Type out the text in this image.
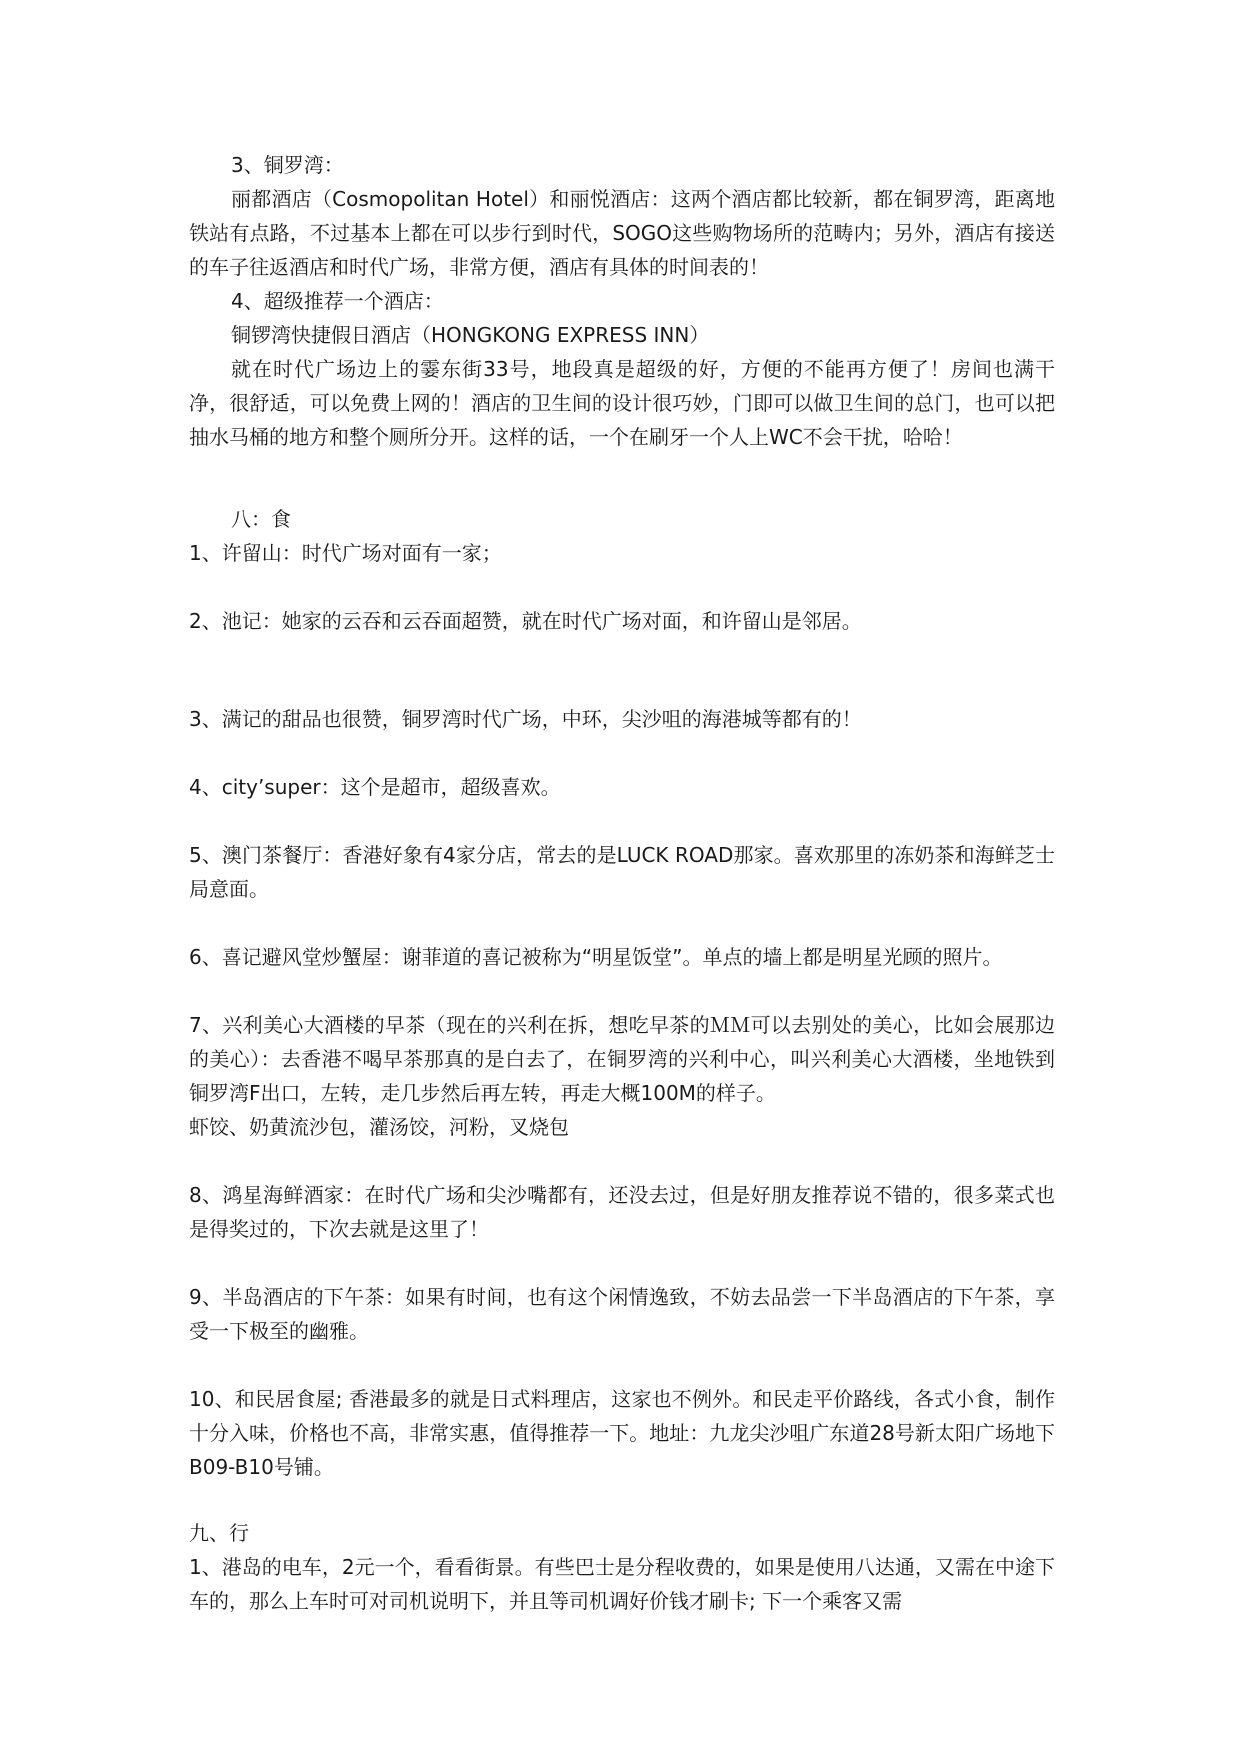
3、铜罗湾：

丽都酒店（Cosmopolitan Hotel）和丽悦酒店：这两个酒店都比较新，都在铜罗湾，距离地铁站有点路，不过基本上都在可以步行到时代，SOGO这些购物场所的范畴内；另外，酒店有接送的车子往返酒店和时代广场，非常方便，酒店有具体的时间表的！

4、超级推荐一个酒店：

铜锣湾快捷假日酒店（HONGKONG EXPRESS INN）

就在时代广场边上的霎东街33号，地段真是超级的好，方便的不能再方便了！房间也满干净，很舒适，可以免费上网的！酒店的卫生间的设计很巧妙，门即可以做卫生间的总门，也可以把抽水马桶的地方和整个厕所分开。这样的话，一个在刷牙一个人上WC不会干扰，哈哈！

八：食

1、许留山：时代广场对面有一家；

2、池记：她家的云吞和云吞面超赞，就在时代广场对面，和许留山是邻居。

3、满记的甜品也很赞，铜罗湾时代广场，中环，尖沙咀的海港城等都有的！

4、city’super：这个是超市，超级喜欢。

5、澳门茶餐厅：香港好象有4家分店，常去的是LUCK ROAD那家。喜欢那里的冻奶茶和海鲜芝士局意面。

6、喜记避风堂炒蟹屋：谢菲道的喜记被称为“明星饭堂”。单点的墙上都是明星光顾的照片。

7、兴利美心大酒楼的早茶（现在的兴利在拆，想吃早茶的ＭＭ可以去别处的美心，比如会展那边的美心）：去香港不喝早茶那真的是白去了，在铜罗湾的兴利中心，叫兴利美心大酒楼，坐地铁到铜罗湾F出口，左转，走几步然后再左转，再走大概100M的样子。

虾饺、奶黄流沙包，灌汤饺，河粉，叉烧包

8、鸿星海鲜酒家：在时代广场和尖沙嘴都有，还没去过，但是好朋友推荐说不错的，很多菜式也是得奖过的，下次去就是这里了！

9、半岛酒店的下午茶：如果有时间，也有这个闲情逸致，不妨去品尝一下半岛酒店的下午茶，享受一下极至的幽雅。

10、和民居食屋; 香港最多的就是日式料理店，这家也不例外。和民走平价路线，各式小食，制作十分入味，价格也不高，非常实惠，值得推荐一下。地址：九龙尖沙咀广东道28号新太阳广场地下B09-B10号铺。

九、行

1、港岛的电车，2元一个，看看街景。有些巴士是分程收费的，如果是使用八达通，又需在中途下车的，那么上车时可对司机说明下，并且等司机调好价钱才刷卡; 下一个乘客又需
